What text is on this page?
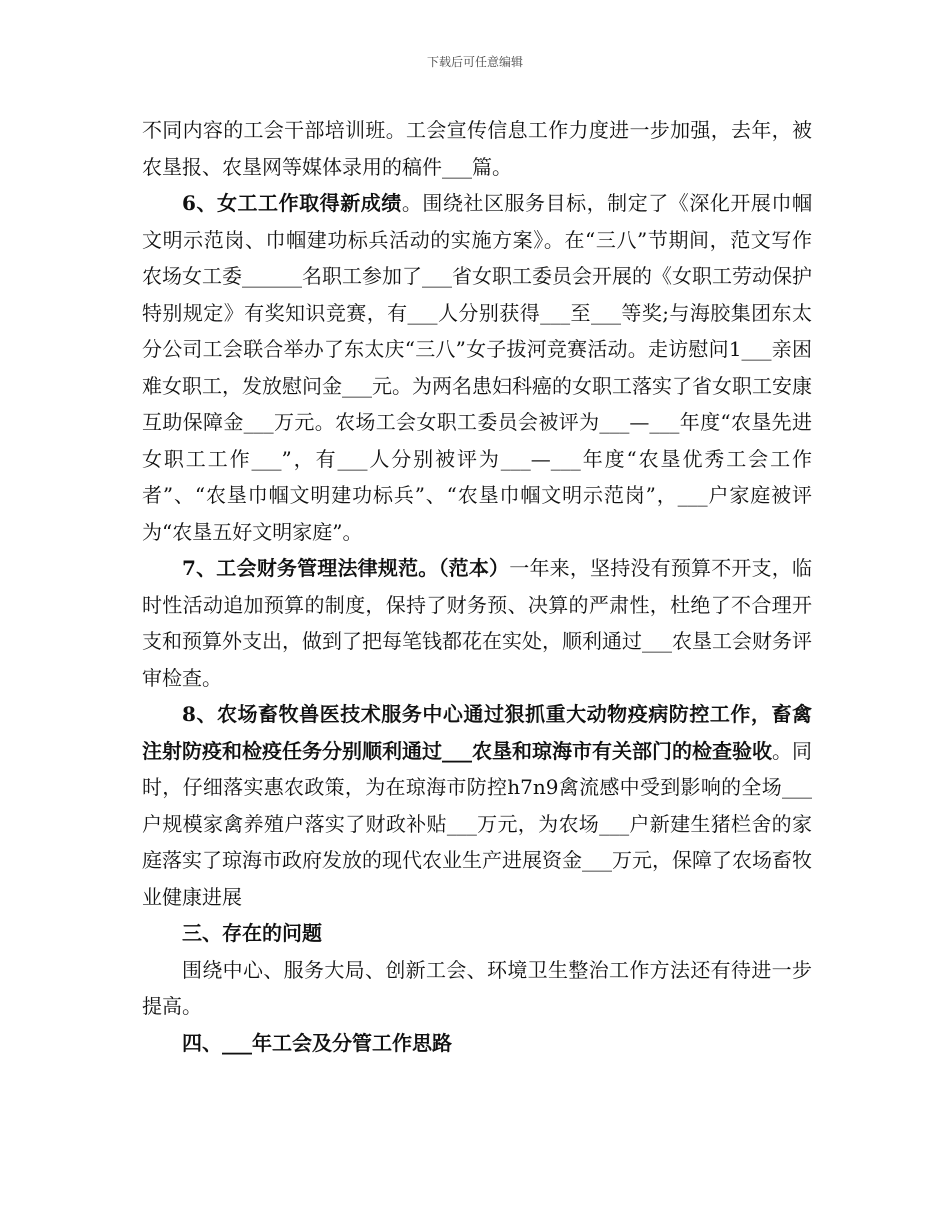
下载后可任意编辑

不同内容的工会干部培训班。工会宣传信息工作力度进一步加强，去年，被农垦报、农垦网等媒体录用的稿件___篇。

6、女工工作取得新成绩。围绕社区服务目标，制定了《深化开展巾帼文明示范岗、巾帼建功标兵活动的实施方案》。在“三八”节期间，范文写作农场女工委______名职工参加了___省女职工委员会开展的《女职工劳动保护特别规定》有奖知识竞赛，有___人分别获得___至___等奖;与海胶集团东太分公司工会联合举办了东太庆“三八”女子拔河竞赛活动。走访慰问1___亲困难女职工，发放慰问金___元。为两名患妇科癌的女职工落实了省女职工安康互助保障金___万元。农场工会女职工委员会被评为___—___年度“农垦先进女职工工作___”，有___人分别被评为___—___年度“农垦优秀工会工作者”、“农垦巾帼文明建功标兵”、“农垦巾帼文明示范岗”，___户家庭被评为“农垦五好文明家庭”。

7、工会财务管理法律规范。（范本）一年来，坚持没有预算不开支，临时性活动追加预算的制度，保持了财务预、决算的严肃性，杜绝了不合理开支和预算外支出，做到了把每笔钱都花在实处，顺利通过___农垦工会财务评审检查。

8、农场畜牧兽医技术服务中心通过狠抓重大动物疫病防控工作，畜禽注射防疫和检疫任务分别顺利通过___农垦和琼海市有关部门的检查验收。同时，仔细落实惠农政策，为在琼海市防控h7n9禽流感中受到影响的全场___户规模家禽养殖户落实了财政补贴___万元，为农场___户新建生猪栏舍的家庭落实了琼海市政府发放的现代农业生产进展资金___万元，保障了农场畜牧业健康进展

三、存在的问题

围绕中心、服务大局、创新工会、环境卫生整治工作方法还有待进一步提高。

四、___年工会及分管工作思路
